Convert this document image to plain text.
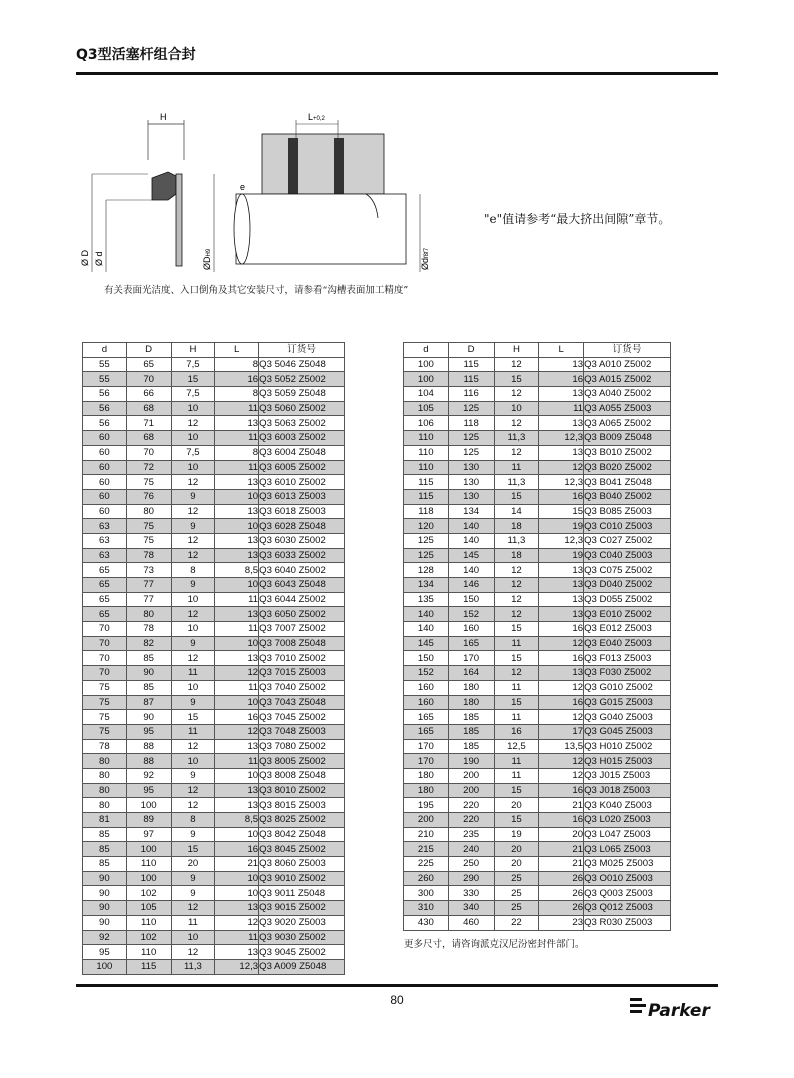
Q3型活塞杆组合封
H
Ø D Ø d
L+0,2
e
ØDH9
Ødf8f7
"e"值请参考“最大挤出间隙”章节。
有关表面光洁度、入口倒角及其它安装尺寸，请参看“沟槽表面加工精度”
d	D	H	L	订货号
55	65	7,5	8	Q3 5046 Z5048
55	70	15	16	Q3 5052 Z5002
56	66	7,5	8	Q3 5059 Z5048
56	68	10	11	Q3 5060 Z5002
56	71	12	13	Q3 5063 Z5002
60	68	10	11	Q3 6003 Z5002
60	70	7,5	8	Q3 6004 Z5048
60	72	10	11	Q3 6005 Z5002
60	75	12	13	Q3 6010 Z5002
60	76	9	10	Q3 6013 Z5003
60	80	12	13	Q3 6018 Z5003
63	75	9	10	Q3 6028 Z5048
63	75	12	13	Q3 6030 Z5002
63	78	12	13	Q3 6033 Z5002
65	73	8	8,5	Q3 6040 Z5002
65	77	9	10	Q3 6043 Z5048
65	77	10	11	Q3 6044 Z5002
65	80	12	13	Q3 6050 Z5002
70	78	10	11	Q3 7007 Z5002
70	82	9	10	Q3 7008 Z5048
70	85	12	13	Q3 7010 Z5002
70	90	11	12	Q3 7015 Z5003
75	85	10	11	Q3 7040 Z5002
75	87	9	10	Q3 7043 Z5048
75	90	15	16	Q3 7045 Z5002
75	95	11	12	Q3 7048 Z5003
78	88	12	13	Q3 7080 Z5002
80	88	10	11	Q3 8005 Z5002
80	92	9	10	Q3 8008 Z5048
80	95	12	13	Q3 8010 Z5002
80	100	12	13	Q3 8015 Z5003
81	89	8	8,5	Q3 8025 Z5002
85	97	9	10	Q3 8042 Z5048
85	100	15	16	Q3 8045 Z5002
85	110	20	21	Q3 8060 Z5003
90	100	9	10	Q3 9010 Z5002
90	102	9	10	Q3 9011 Z5048
90	105	12	13	Q3 9015 Z5002
90	110	11	12	Q3 9020 Z5003
92	102	10	11	Q3 9030 Z5002
95	110	12	13	Q3 9045 Z5002
100	115	11,3	12,3	Q3 A009 Z5048
d	D	H	L	订货号
100	115	12	13	Q3 A010 Z5002
100	115	15	16	Q3 A015 Z5002
104	116	12	13	Q3 A040 Z5002
105	125	10	11	Q3 A055 Z5003
106	118	12	13	Q3 A065 Z5002
110	125	11,3	12,3	Q3 B009 Z5048
110	125	12	13	Q3 B010 Z5002
110	130	11	12	Q3 B020 Z5002
115	130	11,3	12,3	Q3 B041 Z5048
115	130	15	16	Q3 B040 Z5002
118	134	14	15	Q3 B085 Z5003
120	140	18	19	Q3 C010 Z5003
125	140	11,3	12,3	Q3 C027 Z5002
125	145	18	19	Q3 C040 Z5003
128	140	12	13	Q3 C075 Z5002
134	146	12	13	Q3 D040 Z5002
135	150	12	13	Q3 D055 Z5002
140	152	12	13	Q3 E010 Z5002
140	160	15	16	Q3 E012 Z5003
145	165	11	12	Q3 E040 Z5003
150	170	15	16	Q3 F013 Z5003
152	164	12	13	Q3 F030 Z5002
160	180	11	12	Q3 G010 Z5002
160	180	15	16	Q3 G015 Z5003
165	185	11	12	Q3 G040 Z5003
165	185	16	17	Q3 G045 Z5003
170	185	12,5	13,5	Q3 H010 Z5002
170	190	11	12	Q3 H015 Z5003
180	200	11	12	Q3 J015 Z5003
180	200	15	16	Q3 J018 Z5003
195	220	20	21	Q3 K040 Z5003
200	220	15	16	Q3 L020 Z5003
210	235	19	20	Q3 L047 Z5003
215	240	20	21	Q3 L065 Z5003
225	250	20	21	Q3 M025 Z5003
260	290	25	26	Q3 O010 Z5003
300	330	25	26	Q3 Q003 Z5003
310	340	25	26	Q3 Q012 Z5003
430	460	22	23	Q3 R030 Z5003
更多尺寸，请咨询派克汉尼汾密封件部门。
80
Parker
